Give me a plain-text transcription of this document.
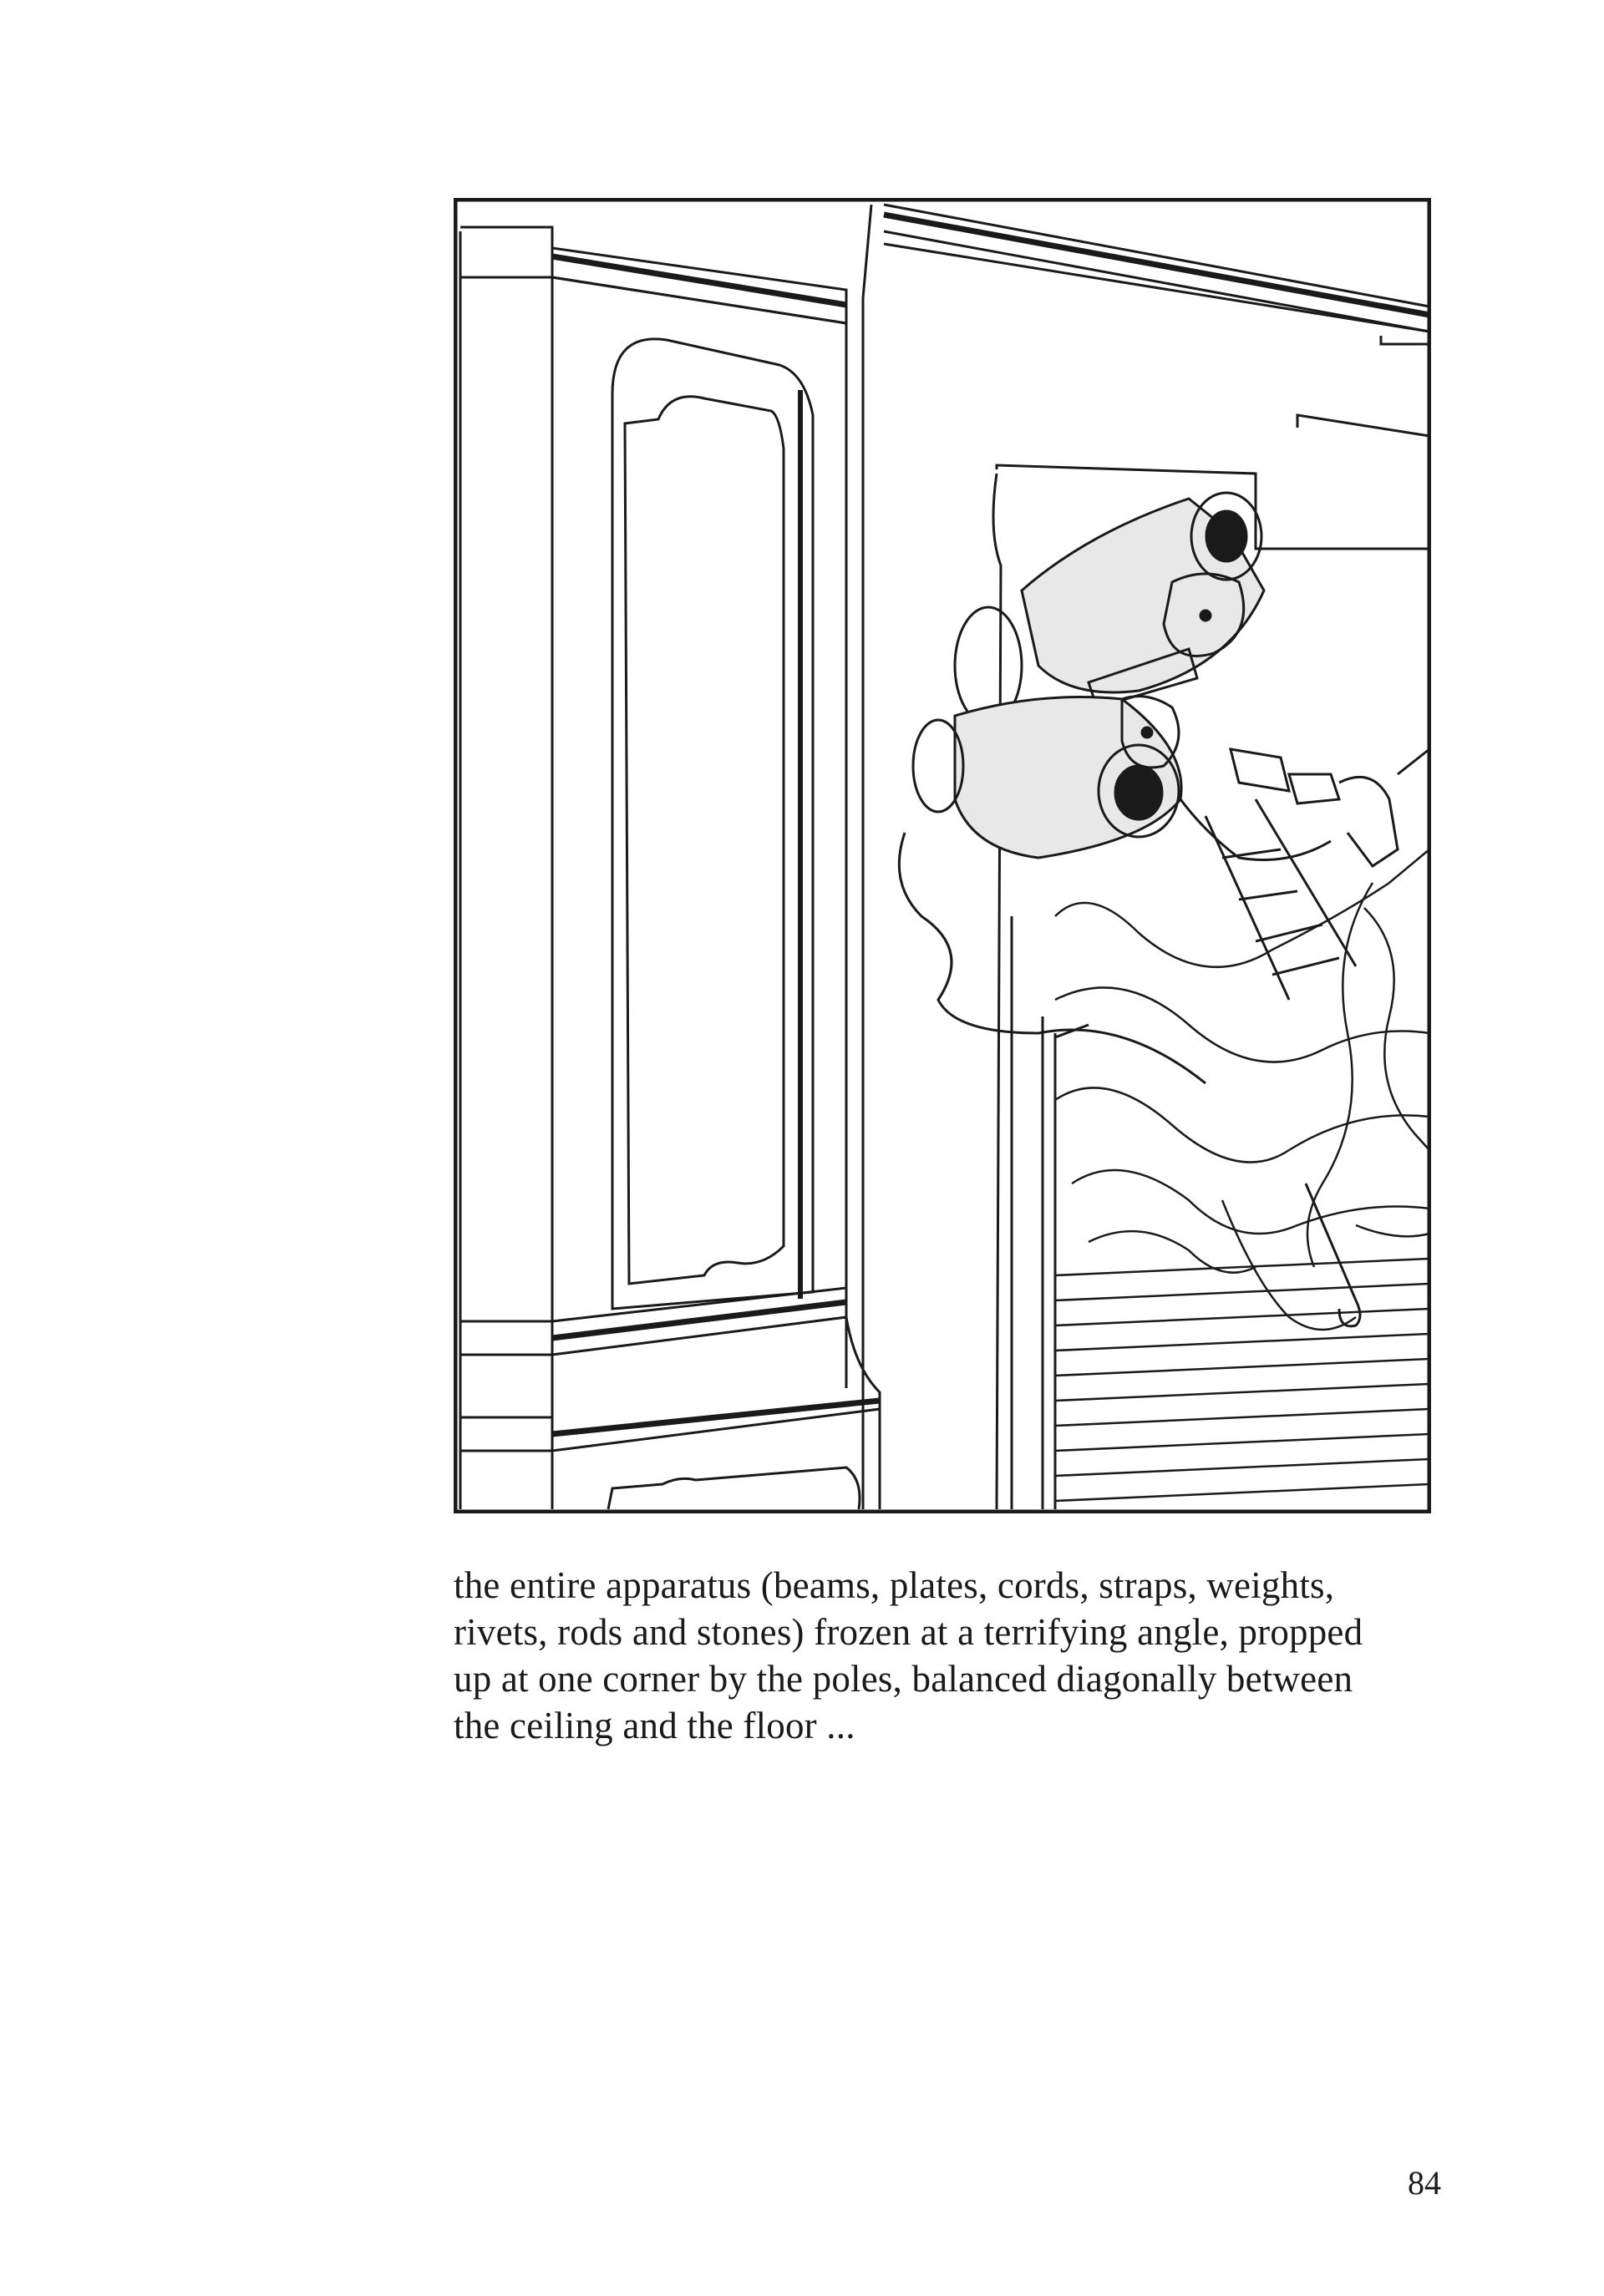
the entire apparatus (beams, plates, cords, straps, weights,
rivets, rods and stones) frozen at a terrifying angle, propped
up at one corner by the poles, balanced diagonally between
the ceiling and the floor ...

84
